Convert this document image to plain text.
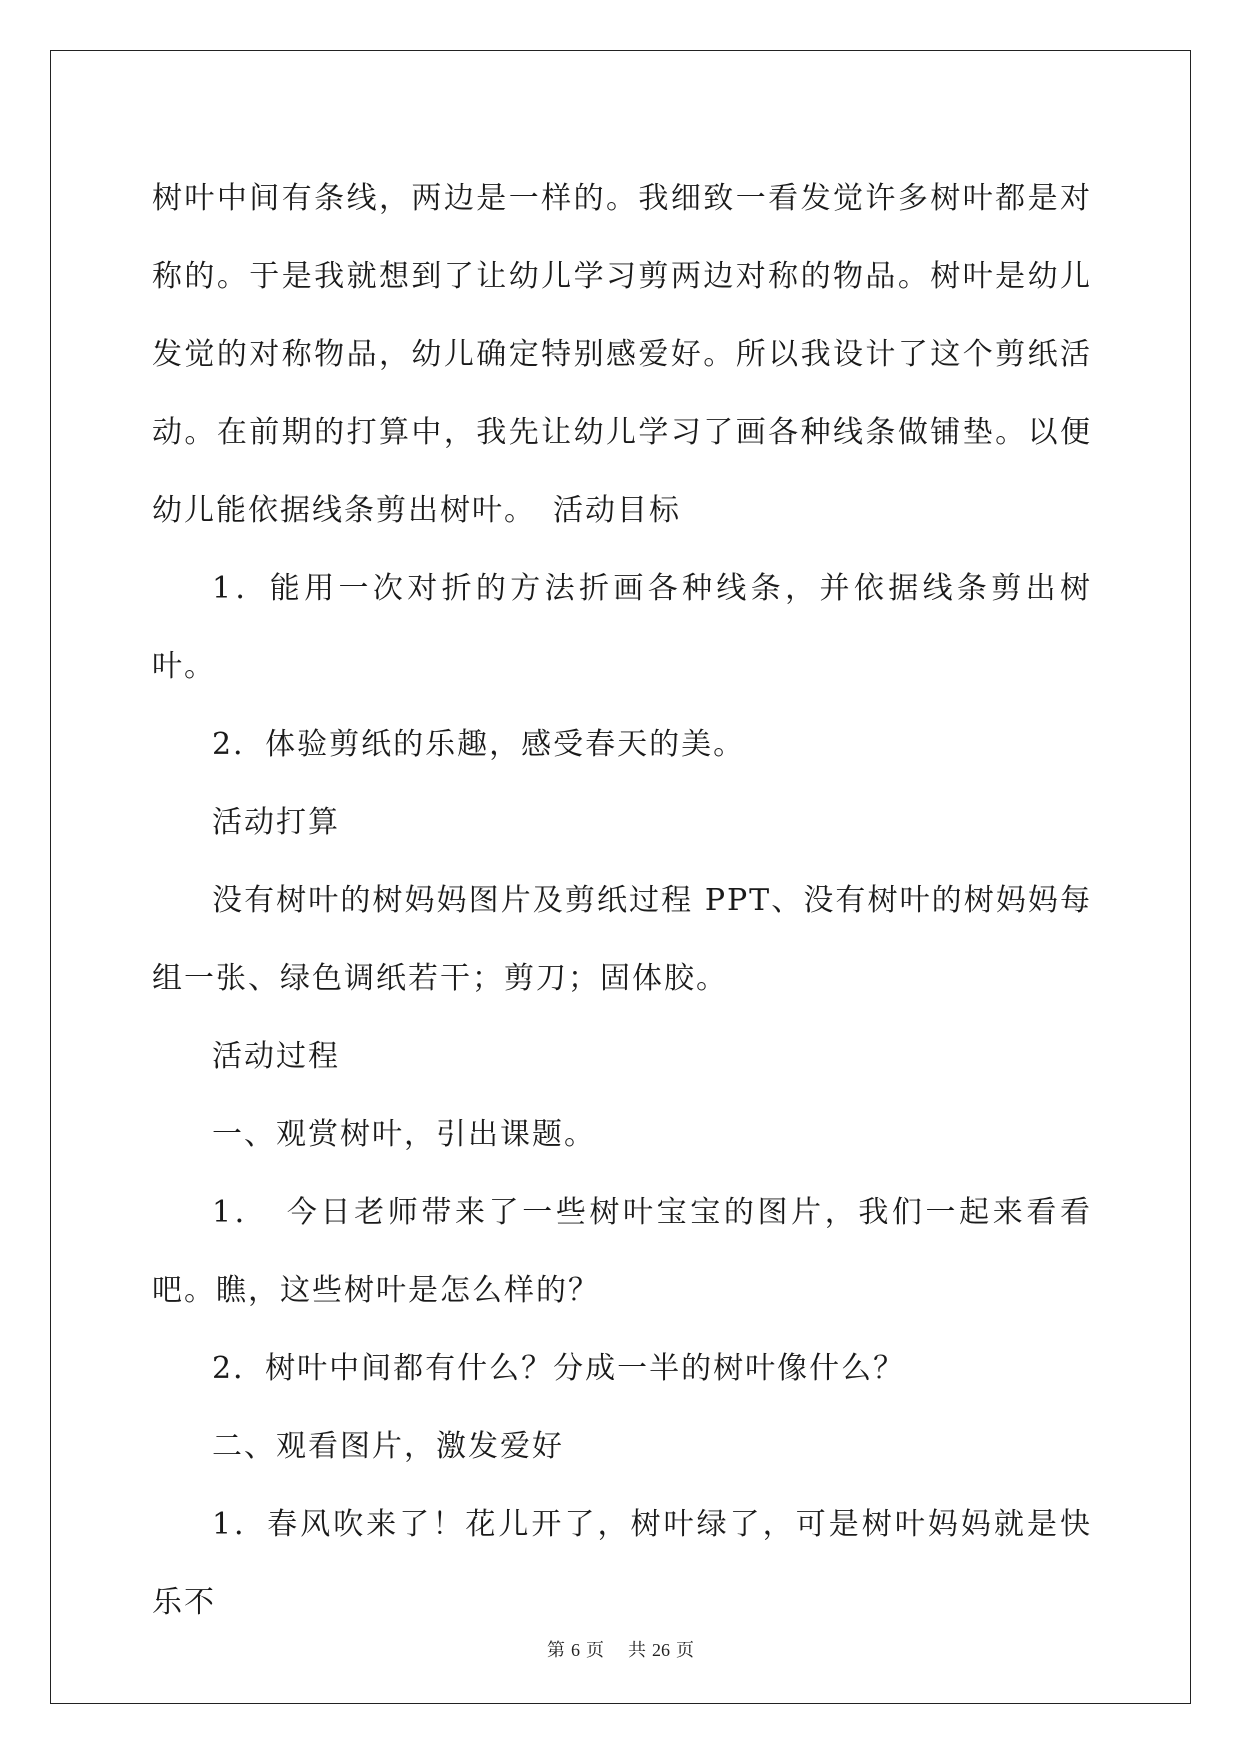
树叶中间有条线，两边是一样的。我细致一看发觉许多树叶都是对称的。于是我就想到了让幼儿学习剪两边对称的物品。树叶是幼儿发觉的对称物品，幼儿确定特别感爱好。所以我设计了这个剪纸活动。在前期的打算中，我先让幼儿学习了画各种线条做铺垫。以便幼儿能依据线条剪出树叶。　活动目标

1．能用一次对折的方法折画各种线条，并依据线条剪出树叶。

2．体验剪纸的乐趣，感受春天的美。

活动打算

没有树叶的树妈妈图片及剪纸过程 PPT、没有树叶的树妈妈每组一张、绿色调纸若干；剪刀；固体胶。

活动过程

一、观赏树叶，引出课题。

1．　今日老师带来了一些树叶宝宝的图片，我们一起来看看吧。瞧，这些树叶是怎么样的？

2．树叶中间都有什么？分成一半的树叶像什么？

二、观看图片，激发爱好

1．春风吹来了！花儿开了，树叶绿了，可是树叶妈妈就是快乐不

第 6 页 共 26 页
